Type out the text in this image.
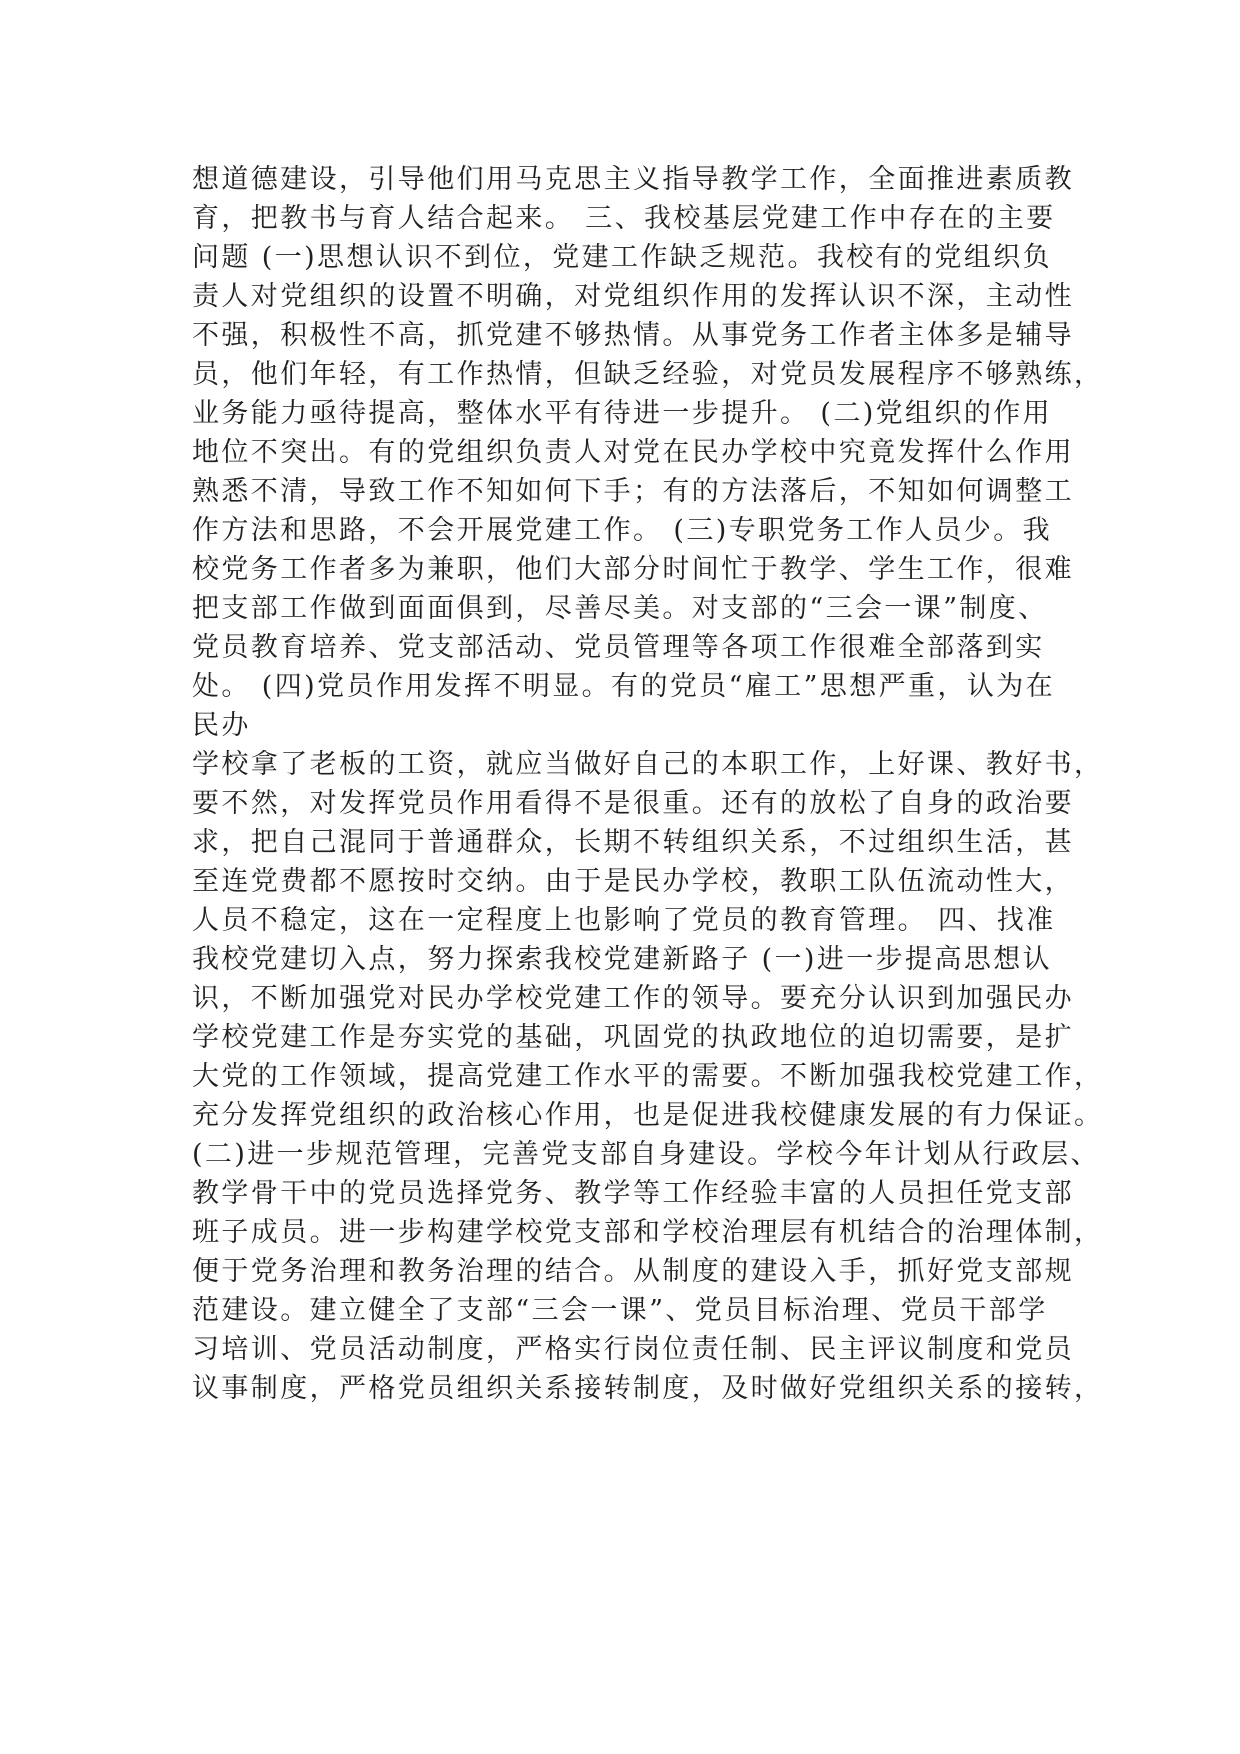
想道德建设，引导他们用马克思主义指导教学工作，全面推进素质教
育，把教书与育人结合起来。 三、我校基层党建工作中存在的主要
问题 (一)思想认识不到位，党建工作缺乏规范。我校有的党组织负
责人对党组织的设置不明确，对党组织作用的发挥认识不深，主动性
不强，积极性不高，抓党建不够热情。从事党务工作者主体多是辅导
员，他们年轻，有工作热情，但缺乏经验，对党员发展程序不够熟练，
业务能力亟待提高，整体水平有待进一步提升。 (二)党组织的作用
地位不突出。有的党组织负责人对党在民办学校中究竟发挥什么作用
熟悉不清，导致工作不知如何下手；有的方法落后，不知如何调整工
作方法和思路，不会开展党建工作。 (三)专职党务工作人员少。我
校党务工作者多为兼职，他们大部分时间忙于教学、学生工作，很难
把支部工作做到面面俱到，尽善尽美。对支部的“三会一课”制度、
党员教育培养、党支部活动、党员管理等各项工作很难全部落到实
处。 (四)党员作用发挥不明显。有的党员“雇工”思想严重，认为在
民办
学校拿了老板的工资，就应当做好自己的本职工作，上好课、教好书，
要不然，对发挥党员作用看得不是很重。还有的放松了自身的政治要
求，把自己混同于普通群众，长期不转组织关系，不过组织生活，甚
至连党费都不愿按时交纳。由于是民办学校，教职工队伍流动性大，
人员不稳定，这在一定程度上也影响了党员的教育管理。 四、找准
我校党建切入点，努力探索我校党建新路子 (一)进一步提高思想认
识，不断加强党对民办学校党建工作的领导。要充分认识到加强民办
学校党建工作是夯实党的基础，巩固党的执政地位的迫切需要，是扩
大党的工作领域，提高党建工作水平的需要。不断加强我校党建工作，
充分发挥党组织的政治核心作用，也是促进我校健康发展的有力保证。
(二)进一步规范管理，完善党支部自身建设。学校今年计划从行政层、
教学骨干中的党员选择党务、教学等工作经验丰富的人员担任党支部
班子成员。进一步构建学校党支部和学校治理层有机结合的治理体制，
便于党务治理和教务治理的结合。从制度的建设入手，抓好党支部规
范建设。建立健全了支部“三会一课”、党员目标治理、党员干部学
习培训、党员活动制度，严格实行岗位责任制、民主评议制度和党员
议事制度，严格党员组织关系接转制度，及时做好党组织关系的接转，
